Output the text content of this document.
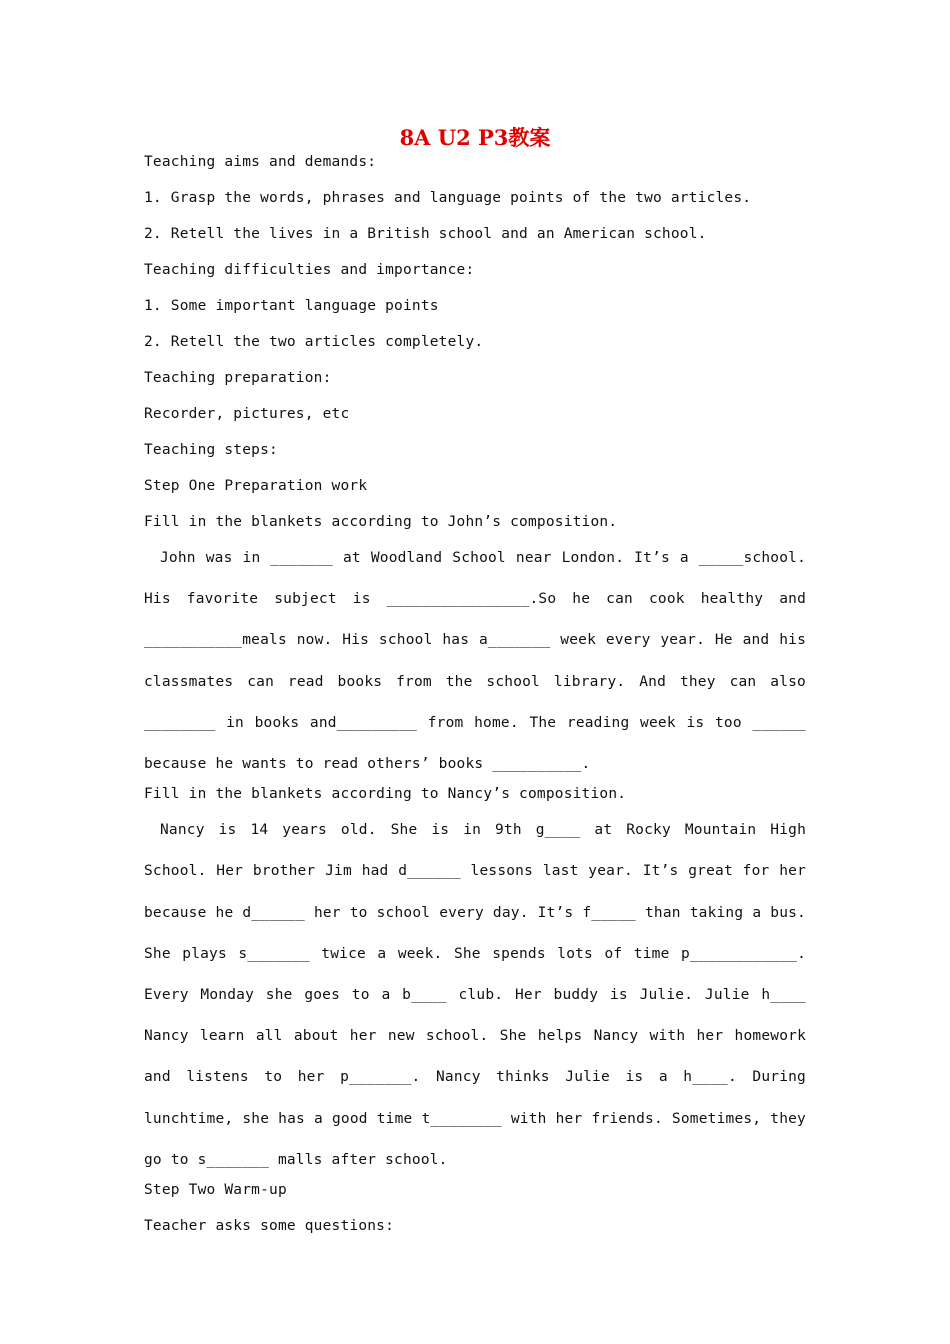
8A U2 P3教案
Teaching aims and demands:
1. Grasp the words, phrases and language points of the two articles.
2. Retell the lives in a British school and an American school.
Teaching difficulties and importance:
1. Some important language points
2. Retell the two articles completely.
Teaching preparation:
Recorder, pictures, etc
Teaching steps:
Step One Preparation work
Fill in the blankets according to John’s composition.
John was in _______ at Woodland School near London. It’s a _____school. His favorite subject is ________________.So he can cook healthy and ___________meals now. His school has a_______ week every year. He and his classmates can read books from the school library. And they can also ________ in books and_________ from home. The reading week is too ______ because he wants to read others’ books __________.
Fill in the blankets according to Nancy’s composition.
Nancy is 14 years old. She is in 9th g____ at Rocky Mountain High School. Her brother Jim had d______ lessons last year. It’s great for her because he d______ her to school every day. It’s f_____ than taking a bus. She plays s_______ twice a week. She spends lots of time p____________. Every Monday she goes to a b____ club. Her buddy is Julie. Julie h____ Nancy learn all about her new school. She helps Nancy with her homework and listens to her p_______. Nancy thinks Julie is a h____. During lunchtime, she has a good time t________ with her friends. Sometimes, they go to s_______ malls after school.
Step Two Warm-up
Teacher asks some questions:
